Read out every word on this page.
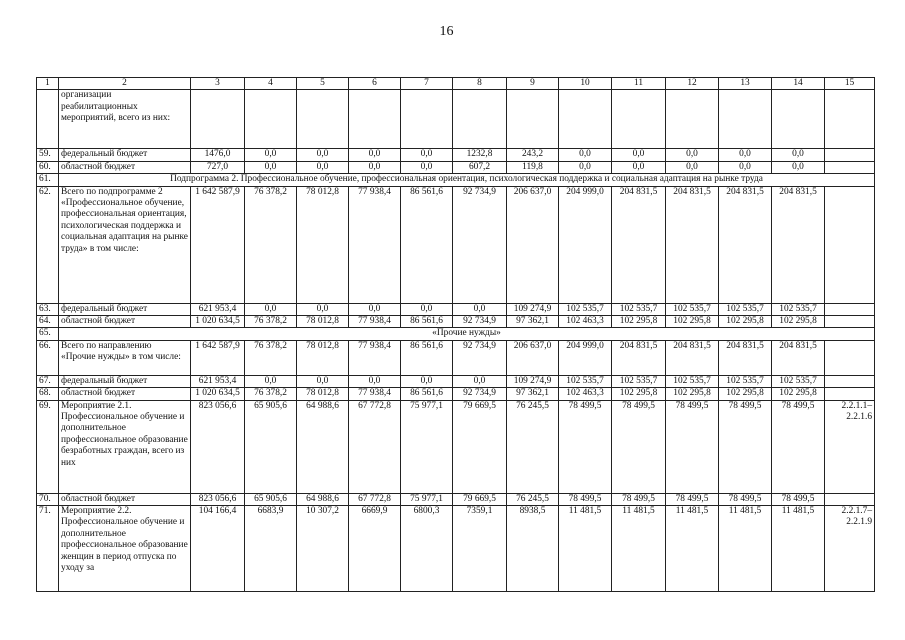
16
1	2	3	4	5	6	7	8	9	10	11	12	13	14	15
	организации реабилитационных мероприятий, всего из них:													
59.	федеральный бюджет	1476,0	0,0	0,0	0,0	0,0	1232,8	243,2	0,0	0,0	0,0	0,0	0,0	
60.	областной бюджет	727,0	0,0	0,0	0,0	0,0	607,2	119,8	0,0	0,0	0,0	0,0	0,0	
61.	Подпрограмма 2. Профессиональное обучение, профессиональная ориентация, психологическая поддержка и социальная адаптация на рынке труда													
62.	Всего по подпрограмме 2 «Профессиональное обучение, профессиональная ориентация, психологическая поддержка и социальная адаптация на рынке труда» в том числе:	1 642 587,9	76 378,2	78 012,8	77 938,4	86 561,6	92 734,9	206 637,0	204 999,0	204 831,5	204 831,5	204 831,5	204 831,5	
63.	федеральный бюджет	621 953,4	0,0	0,0	0,0	0,0	0,0	109 274,9	102 535,7	102 535,7	102 535,7	102 535,7	102 535,7	
64.	областной бюджет	1 020 634,5	76 378,2	78 012,8	77 938,4	86 561,6	92 734,9	97 362,1	102 463,3	102 295,8	102 295,8	102 295,8	102 295,8	
65.	«Прочие нужды»													
66.	Всего по направлению «Прочие нужды» в том числе:	1 642 587,9	76 378,2	78 012,8	77 938,4	86 561,6	92 734,9	206 637,0	204 999,0	204 831,5	204 831,5	204 831,5	204 831,5	
67.	федеральный бюджет	621 953,4	0,0	0,0	0,0	0,0	0,0	109 274,9	102 535,7	102 535,7	102 535,7	102 535,7	102 535,7	
68.	областной бюджет	1 020 634,5	76 378,2	78 012,8	77 938,4	86 561,6	92 734,9	97 362,1	102 463,3	102 295,8	102 295,8	102 295,8	102 295,8	
69.	Мероприятие 2.1. Профессиональное обучение и дополнительное профессиональное образование безработных граждан, всего из них	823 056,6	65 905,6	64 988,6	67 772,8	75 977,1	79 669,5	76 245,5	78 499,5	78 499,5	78 499,5	78 499,5	78 499,5	2.2.1.1–2.2.1.6
70.	областной бюджет	823 056,6	65 905,6	64 988,6	67 772,8	75 977,1	79 669,5	76 245,5	78 499,5	78 499,5	78 499,5	78 499,5	78 499,5	
71.	Мероприятие 2.2. Профессиональное обучение и дополнительное профессиональное образование женщин в период отпуска по уходу за	104 166,4	6683,9	10 307,2	6669,9	6800,3	7359,1	8938,5	11 481,5	11 481,5	11 481,5	11 481,5	11 481,5	2.2.1.7–2.2.1.9
